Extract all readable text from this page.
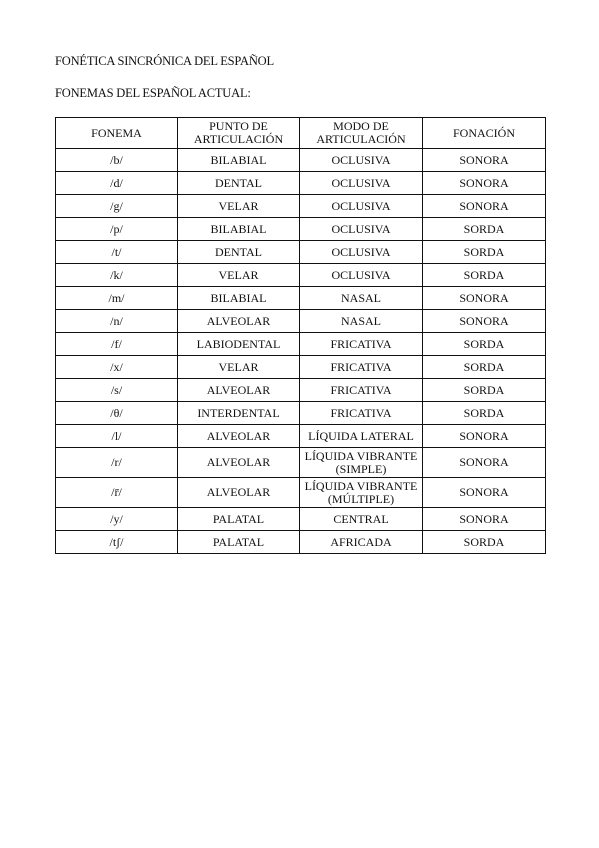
FONÉTICA SINCRÓNICA DEL ESPAÑOL
FONEMAS DEL ESPAÑOL ACTUAL:
FONEMA	PUNTO DE ARTICULACIÓN	MODO DE ARTICULACIÓN	FONACIÓN
/b/	BILABIAL	OCLUSIVA	SONORA
/d/	DENTAL	OCLUSIVA	SONORA
/g/	VELAR	OCLUSIVA	SONORA
/p/	BILABIAL	OCLUSIVA	SORDA
/t/	DENTAL	OCLUSIVA	SORDA
/k/	VELAR	OCLUSIVA	SORDA
/m/	BILABIAL	NASAL	SONORA
/n/	ALVEOLAR	NASAL	SONORA
/f/	LABIODENTAL	FRICATIVA	SORDA
/x/	VELAR	FRICATIVA	SORDA
/s/	ALVEOLAR	FRICATIVA	SORDA
/θ/	INTERDENTAL	FRICATIVA	SORDA
/l/	ALVEOLAR	LÍQUIDA LATERAL	SONORA
/r/	ALVEOLAR	LÍQUIDA VIBRANTE (SIMPLE)	SONORA
/r̄/	ALVEOLAR	LÍQUIDA VIBRANTE (MÚLTIPLE)	SONORA
/y/	PALATAL	CENTRAL	SONORA
/tʃ/	PALATAL	AFRICADA	SORDA
